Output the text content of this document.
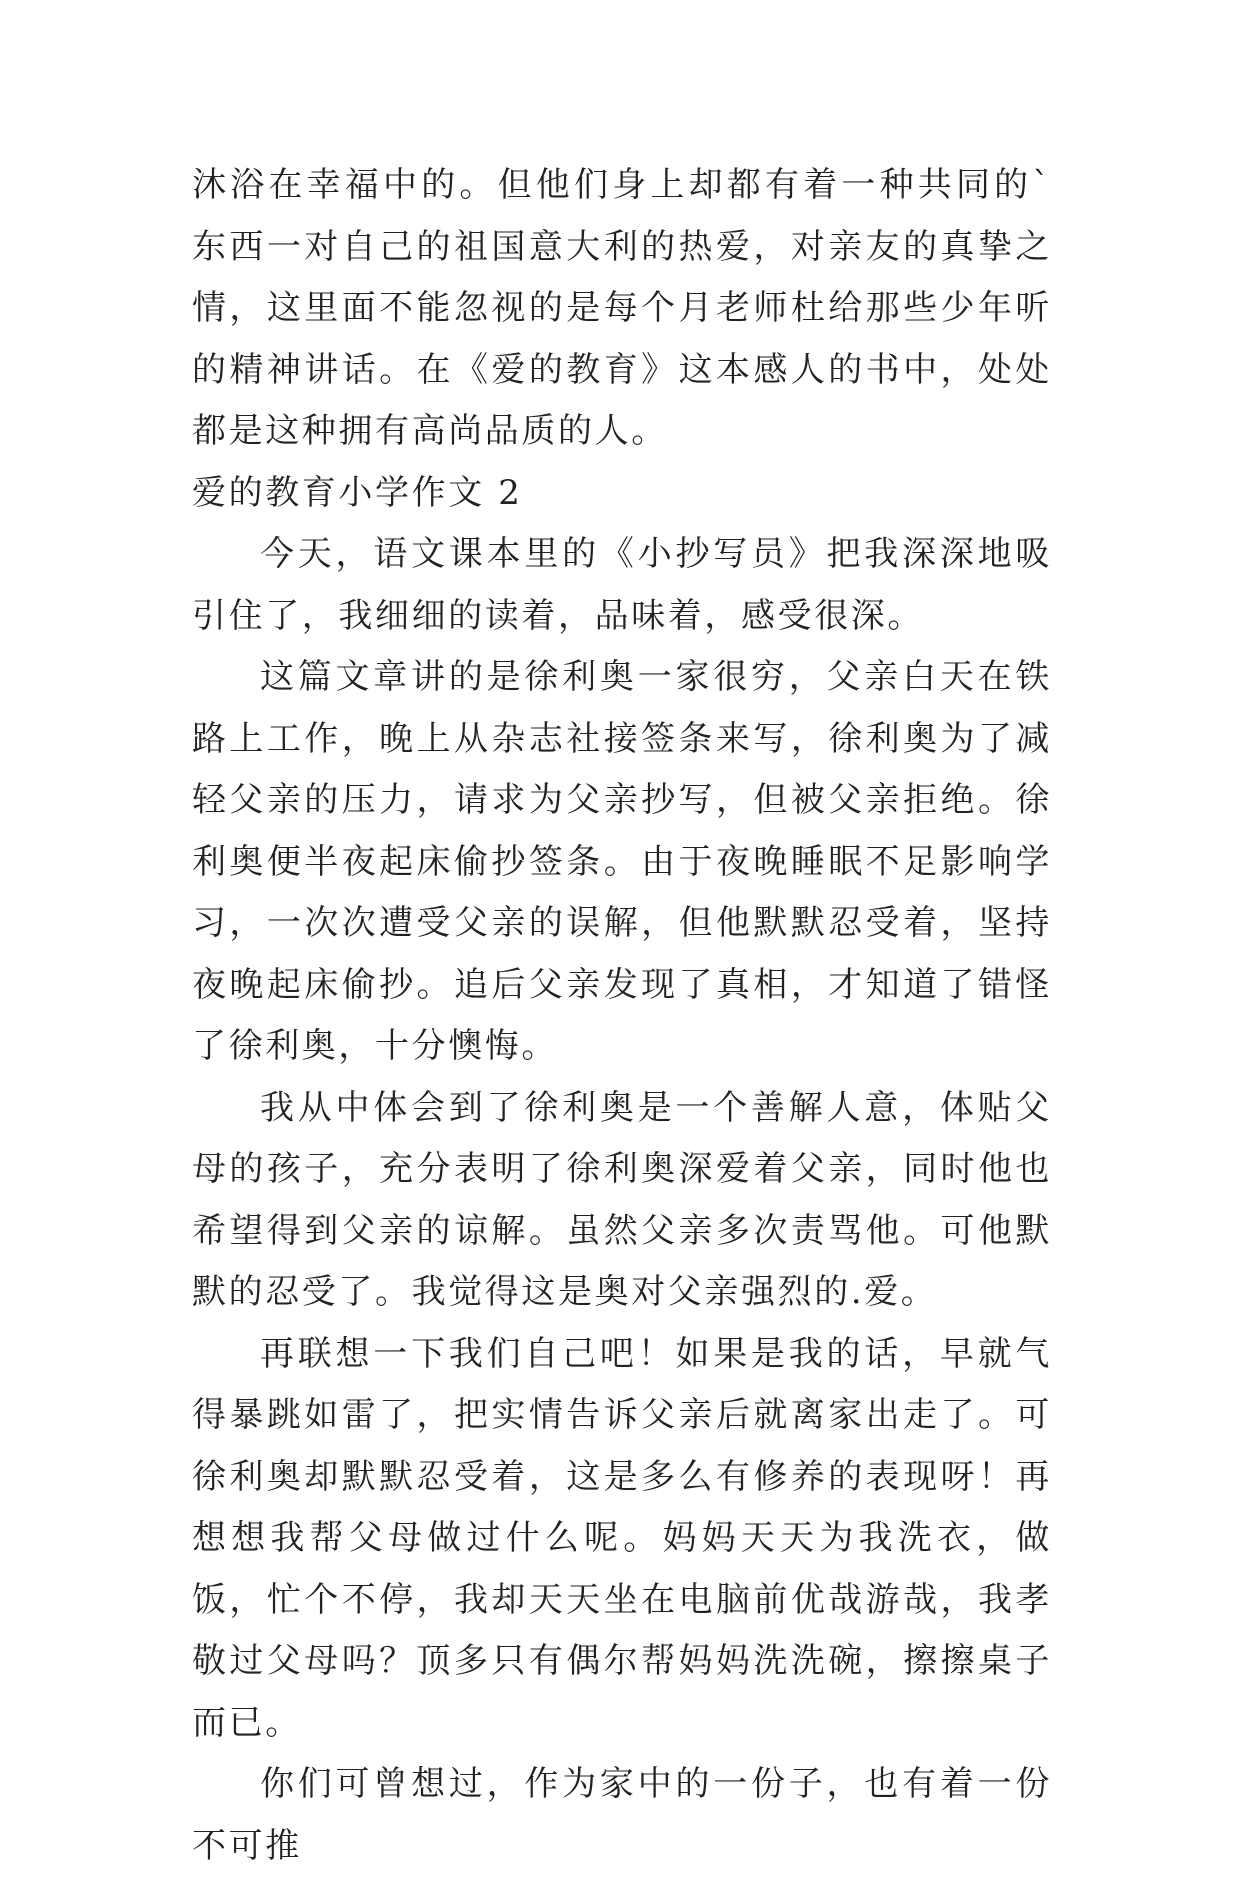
沐浴在幸福中的。但他们身上却都有着一种共同的`东西一对自己的祖国意大利的热爱，对亲友的真挚之情，这里面不能忽视的是每个月老师杜给那些少年听的精神讲话。在《爱的教育》这本感人的书中，处处都是这种拥有高尚品质的人。

爱的教育小学作文 2

今天，语文课本里的《小抄写员》把我深深地吸引住了，我细细的读着，品味着，感受很深。

这篇文章讲的是徐利奥一家很穷，父亲白天在铁路上工作，晚上从杂志社接签条来写，徐利奥为了减轻父亲的压力，请求为父亲抄写，但被父亲拒绝。徐利奥便半夜起床偷抄签条。由于夜晚睡眠不足影响学习，一次次遭受父亲的误解，但他默默忍受着，坚持夜晚起床偷抄。追后父亲发现了真相，才知道了错怪了徐利奥，十分懊悔。

我从中体会到了徐利奥是一个善解人意，体贴父母的孩子，充分表明了徐利奥深爱着父亲，同时他也希望得到父亲的谅解。虽然父亲多次责骂他。可他默默的忍受了。我觉得这是奥对父亲强烈的.爱。

再联想一下我们自己吧！如果是我的话，早就气得暴跳如雷了，把实情告诉父亲后就离家出走了。可徐利奥却默默忍受着，这是多么有修养的表现呀！再想想我帮父母做过什么呢。妈妈天天为我洗衣，做饭，忙个不停，我却天天坐在电脑前优哉游哉，我孝敬过父母吗？顶多只有偶尔帮妈妈洗洗碗，擦擦桌子而已。

你们可曾想过，作为家中的一份子，也有着一份不可推
